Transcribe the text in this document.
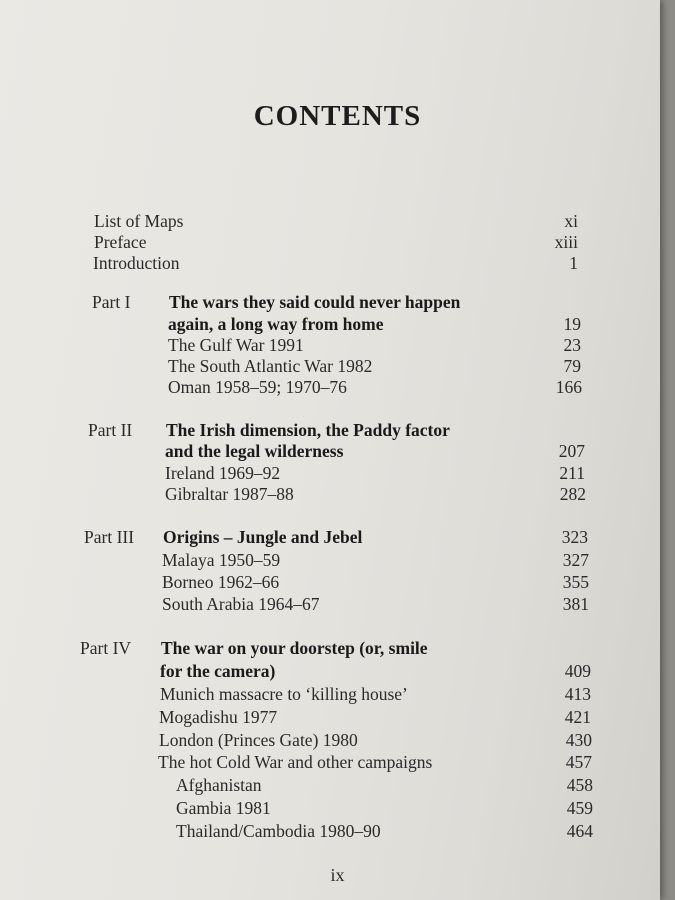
CONTENTS
List of Maps	xi
Preface	xiii
Introduction	1
Part I The wars they said could never happen
again, a long way from home	19
The Gulf War 1991	23
The South Atlantic War 1982	79
Oman 1958–59; 1970–76	166
Part II The Irish dimension, the Paddy factor
and the legal wilderness	207
Ireland 1969–92	211
Gibraltar 1987–88	282
Part III Origins – Jungle and Jebel	323
Malaya 1950–59	327
Borneo 1962–66	355
South Arabia 1964–67	381
Part IV The war on your doorstep (or, smile
for the camera)	409
Munich massacre to ‘killing house’	413
Mogadishu 1977	421
London (Princes Gate) 1980	430
The hot Cold War and other campaigns	457
Afghanistan	458
Gambia 1981	459
Thailand/Cambodia 1980–90	464
ix
